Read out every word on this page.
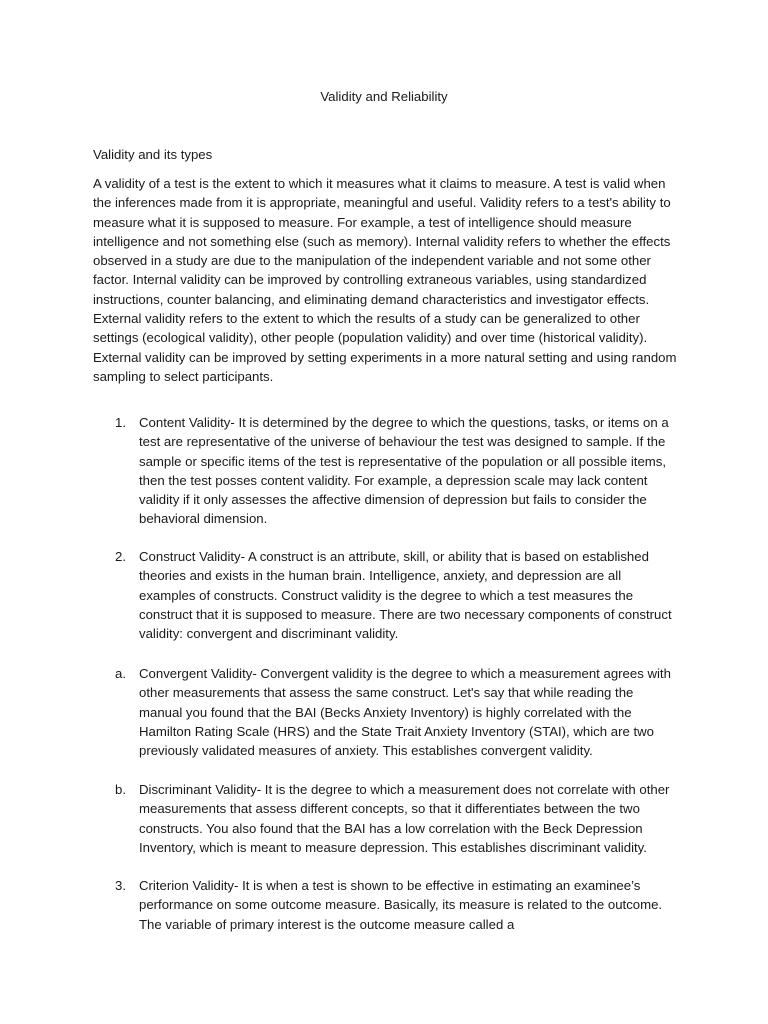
Validity and Reliability
Validity and its types

A validity of a test is the extent to which it measures what it claims to measure. A test is valid when the inferences made from it is appropriate, meaningful and useful. Validity refers to a test's ability to measure what it is supposed to measure. For example, a test of intelligence should measure intelligence and not something else (such as memory). Internal validity refers to whether the effects observed in a study are due to the manipulation of the independent variable and not some other factor. Internal validity can be improved by controlling extraneous variables, using standardized instructions, counter balancing, and eliminating demand characteristics and investigator effects. External validity refers to the extent to which the results of a study can be generalized to other settings (ecological validity), other people (population validity) and over time (historical validity). External validity can be improved by setting experiments in a more natural setting and using random sampling to select participants.

1. Content Validity- It is determined by the degree to which the questions, tasks, or items on a test are representative of the universe of behaviour the test was designed to sample. If the sample or specific items of the test is representative of the population or all possible items, then the test posses content validity. For example, a depression scale may lack content validity if it only assesses the affective dimension of depression but fails to consider the behavioral dimension.
2. Construct Validity- A construct is an attribute, skill, or ability that is based on established theories and exists in the human brain. Intelligence, anxiety, and depression are all examples of constructs. Construct validity is the degree to which a test measures the construct that it is supposed to measure. There are two necessary components of construct validity: convergent and discriminant validity.
a. Convergent Validity- Convergent validity is the degree to which a measurement agrees with other measurements that assess the same construct. Let's say that while reading the manual you found that the BAI (Becks Anxiety Inventory) is highly correlated with the Hamilton Rating Scale (HRS) and the State Trait Anxiety Inventory (STAI), which are two previously validated measures of anxiety. This establishes convergent validity.
b. Discriminant Validity- It is the degree to which a measurement does not correlate with other measurements that assess different concepts, so that it differentiates between the two constructs. You also found that the BAI has a low correlation with the Beck Depression Inventory, which is meant to measure depression. This establishes discriminant validity.
3. Criterion Validity- It is when a test is shown to be effective in estimating an examinee’s performance on some outcome measure. Basically, its measure is related to the outcome. The variable of primary interest is the outcome measure called a
